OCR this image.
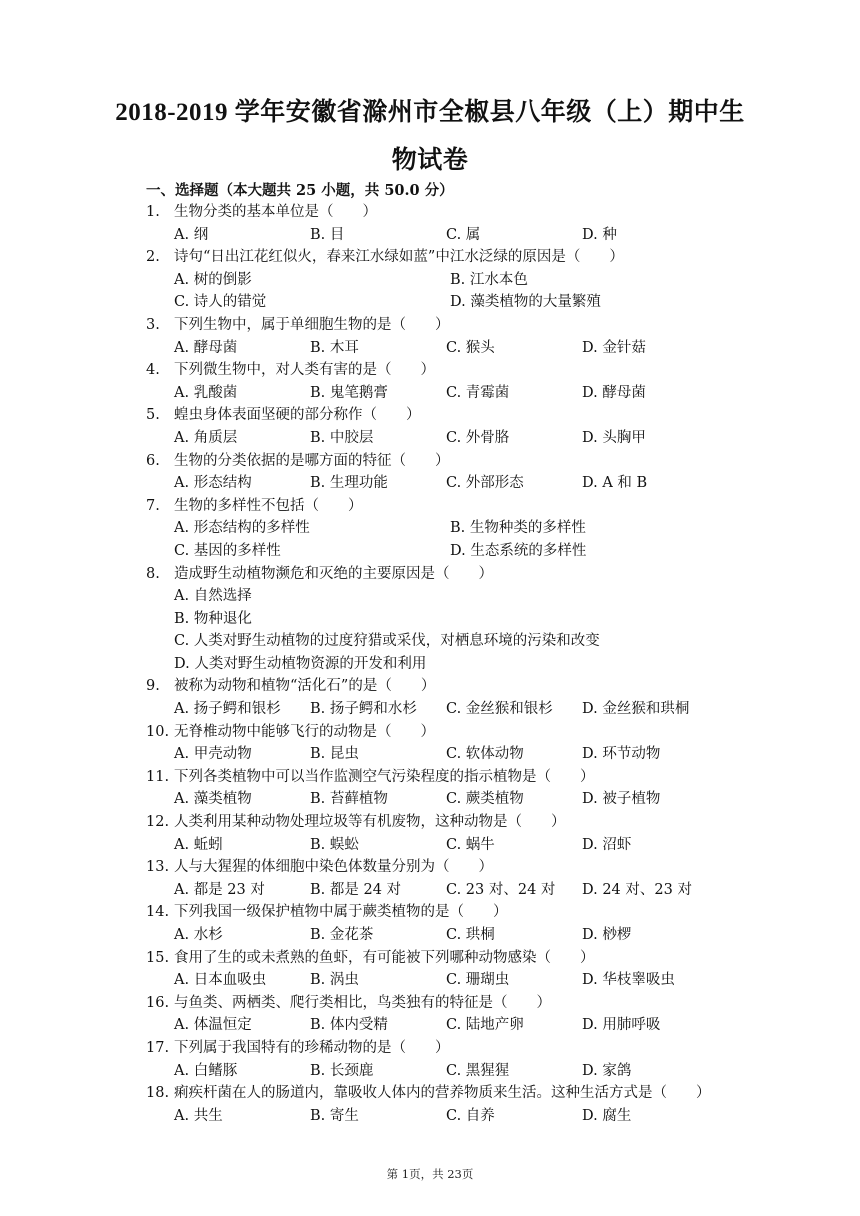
2018-2019 学年安徽省滁州市全椒县八年级（上）期中生
物试卷
一、选择题（本大题共 25 小题，共 50.0 分）
1. 生物分类的基本单位是（　　）
A. 纲	B. 目	C. 属	D. 种
2. 诗句“日出江花红似火，春来江水绿如蓝”中江水泛绿的原因是（　　）
A. 树的倒影	B. 江水本色
C. 诗人的错觉	D. 藻类植物的大量繁殖
3. 下列生物中，属于单细胞生物的是（　　）
A. 酵母菌	B. 木耳	C. 猴头	D. 金针菇
4. 下列微生物中，对人类有害的是（　　）
A. 乳酸菌	B. 鬼笔鹅膏	C. 青霉菌	D. 酵母菌
5. 蝗虫身体表面坚硬的部分称作（　　）
A. 角质层	B. 中胶层	C. 外骨胳	D. 头胸甲
6. 生物的分类依据的是哪方面的特征（　　）
A. 形态结构	B. 生理功能	C. 外部形态	D. A 和 B
7. 生物的多样性不包括（　　）
A. 形态结构的多样性	B. 生物种类的多样性
C. 基因的多样性	D. 生态系统的多样性
8. 造成野生动植物濒危和灭绝的主要原因是（　　）
A. 自然选择
B. 物种退化
C. 人类对野生动植物的过度狩猎或采伐，对栖息环境的污染和改变
D. 人类对野生动植物资源的开发和利用
9. 被称为动物和植物“活化石”的是（　　）
A. 扬子鳄和银杉	B. 扬子鳄和水杉	C. 金丝猴和银杉	D. 金丝猴和珙桐
10. 无脊椎动物中能够飞行的动物是（　　）
A. 甲壳动物	B. 昆虫	C. 软体动物	D. 环节动物
11. 下列各类植物中可以当作监测空气污染程度的指示植物是（　　）
A. 藻类植物	B. 苔藓植物	C. 蕨类植物	D. 被子植物
12. 人类利用某种动物处理垃圾等有机废物，这种动物是（　　）
A. 蚯蚓	B. 蜈蚣	C. 蜗牛	D. 沼虾
13. 人与大猩猩的体细胞中染色体数量分别为（　　）
A. 都是 23 对	B. 都是 24 对	C. 23 对、24 对	D. 24 对、23 对
14. 下列我国一级保护植物中属于蕨类植物的是（　　）
A. 水杉	B. 金花茶	C. 珙桐	D. 桫椤
15. 食用了生的或未煮熟的鱼虾，有可能被下列哪种动物感染（　　）
A. 日本血吸虫	B. 涡虫	C. 珊瑚虫	D. 华枝睾吸虫
16. 与鱼类、两栖类、爬行类相比，鸟类独有的特征是（　　）
A. 体温恒定	B. 体内受精	C. 陆地产卵	D. 用肺呼吸
17. 下列属于我国特有的珍稀动物的是（　　）
A. 白鳍豚	B. 长颈鹿	C. 黑猩猩	D. 家鸽
18. 痢疾杆菌在人的肠道内，靠吸收人体内的营养物质来生活。这种生活方式是（　　）
A. 共生	B. 寄生	C. 自养	D. 腐生
第 1页，共 23页
